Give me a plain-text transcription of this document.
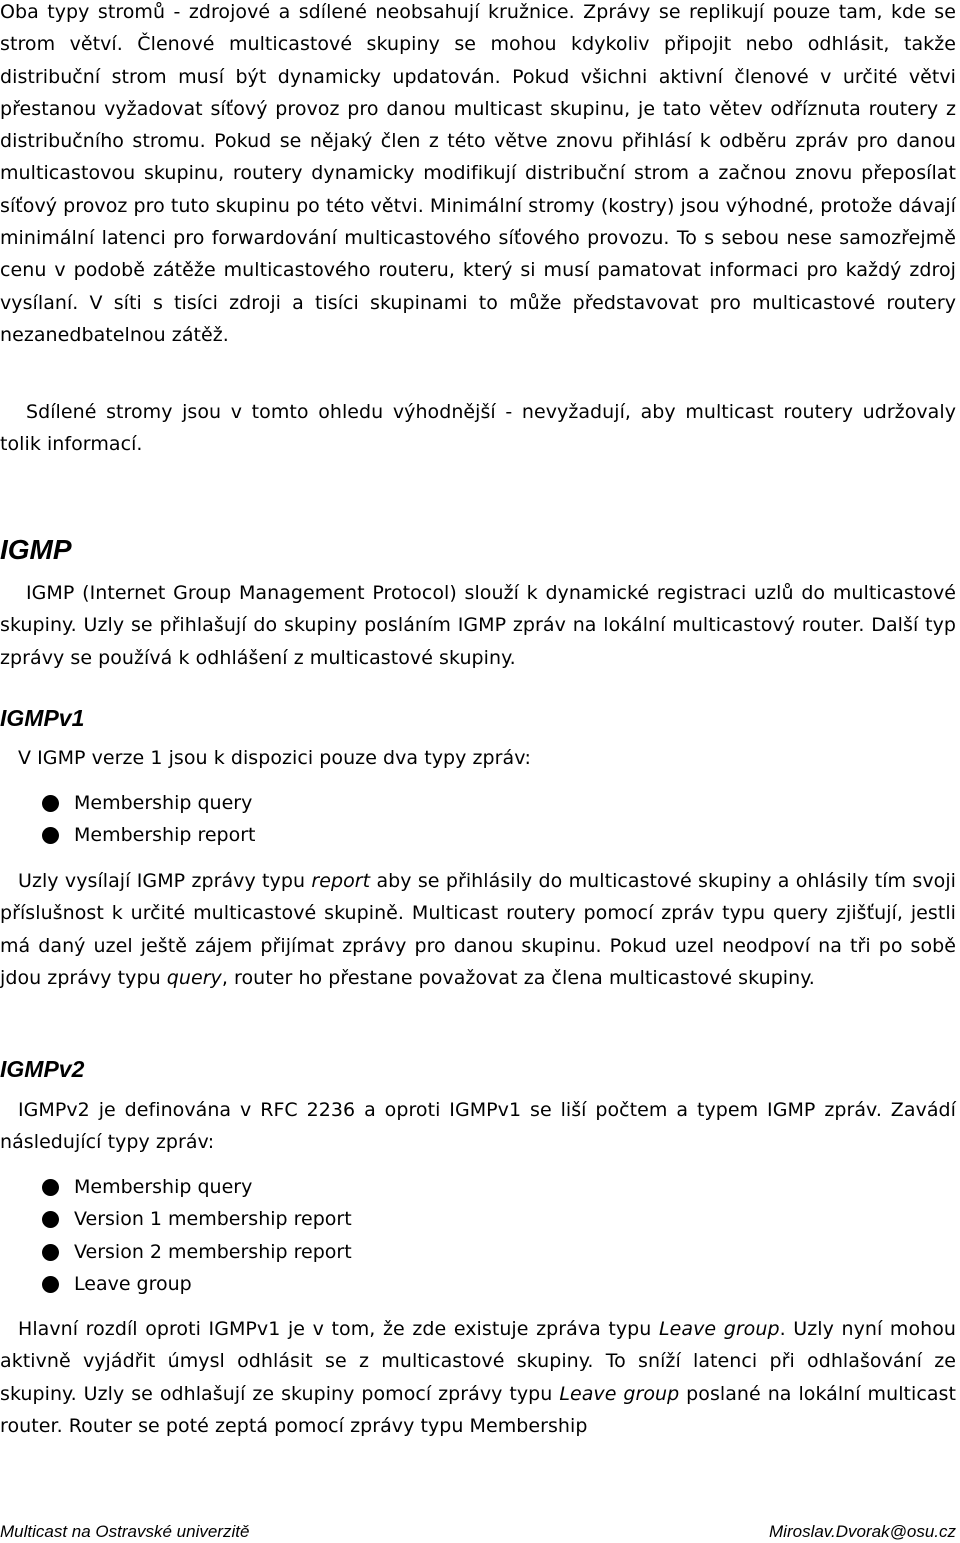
Oba typy stromů - zdrojové a sdílené neobsahují kružnice. Zprávy se replikují pouze tam, kde se strom větví. Členové multicastové skupiny se mohou kdykoliv připojit nebo odhlásit, takže distribuční strom musí být dynamicky updatován. Pokud všichni aktivní členové v určité větvi přestanou vyžadovat síťový provoz pro danou multicast skupinu, je tato větev odříznuta routery z distribučního stromu. Pokud se nějaký člen z této větve znovu přihlásí k odběru zpráv pro danou multicastovou skupinu, routery dynamicky modifikují distribuční strom a začnou znovu přeposílat síťový provoz pro tuto skupinu po této větvi. Minimální stromy (kostry) jsou výhodné, protože dávají minimální latenci pro forwardování multicastového síťového provozu. To s sebou nese samozřejmě cenu v podobě zátěže multicastového routeru, který si musí pamatovat informaci pro každý zdroj vysílaní. V síti s tisíci zdroji a tisíci skupinami to může představovat pro multicastové routery nezanedbatelnou zátěž.

Sdílené stromy jsou v tomto ohledu výhodnější - nevyžadují, aby multicast routery udržovaly tolik informací.

IGMP

IGMP (Internet Group Management Protocol) slouží k dynamické registraci uzlů do multicastové skupiny. Uzly se přihlašují do skupiny posláním IGMP zpráv na lokální multicastový router. Další typ zprávy se používá k odhlášení z multicastové skupiny.

IGMPv1

V IGMP verze 1 jsou k dispozici pouze dva typy zpráv:

Membership query
Membership report

Uzly vysílají IGMP zprávy typu report aby se přihlásily do multicastové skupiny a ohlásily tím svoji příslušnost k určité multicastové skupině. Multicast routery pomocí zpráv typu query zjišťují, jestli má daný uzel ještě zájem přijímat zprávy pro danou skupinu. Pokud uzel neodpoví na tři po sobě jdou zprávy typu query, router ho přestane považovat za člena multicastové skupiny.

IGMPv2

IGMPv2 je definována v RFC 2236 a oproti IGMPv1 se liší počtem a typem IGMP zpráv. Zavádí následující typy zpráv:

Membership query
Version 1 membership report
Version 2 membership report
Leave group

Hlavní rozdíl oproti IGMPv1 je v tom, že zde existuje zpráva typu Leave group. Uzly nyní mohou aktivně vyjádřit úmysl odhlásit se z multicastové skupiny. To sníží latenci při odhlašování ze skupiny. Uzly se odhlašují ze skupiny pomocí zprávy typu Leave group poslané na lokální multicast router. Router se poté zeptá pomocí zprávy typu Membership

Multicast na Ostravské univerzitě	Miroslav.Dvorak@osu.cz
